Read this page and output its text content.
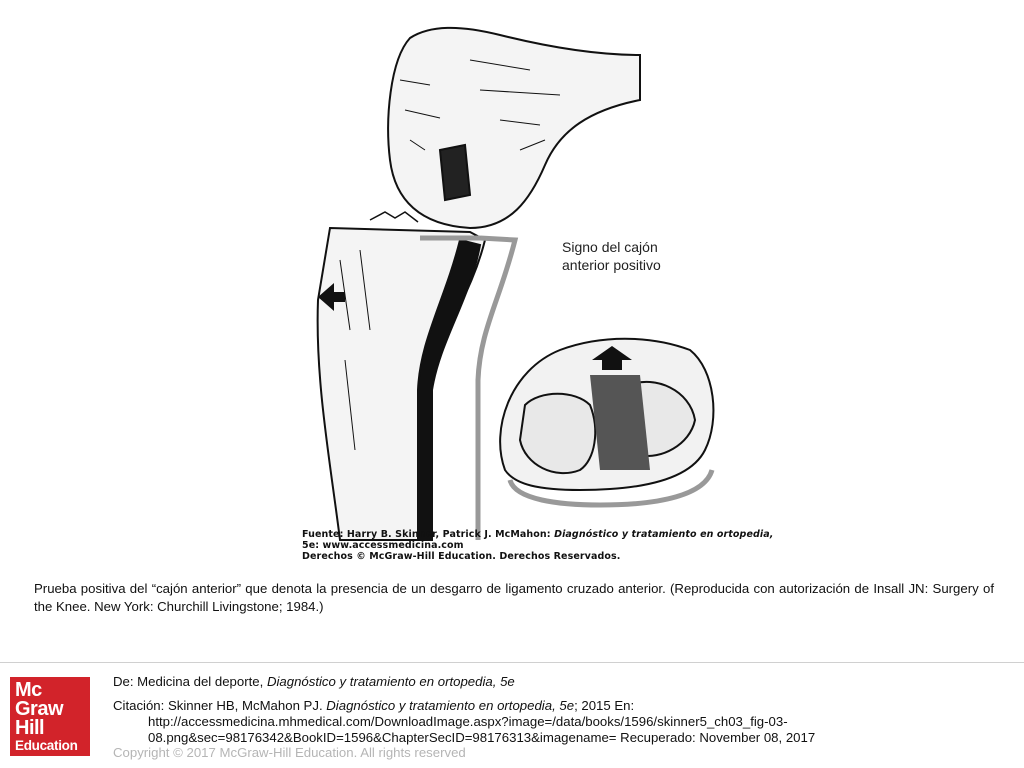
Signo del cajón
anterior positivo
Fuente: Harry B. Skinner, Patrick J. McMahon: Diagnóstico y tratamiento en ortopedia,
5e: www.accessmedicina.com
Derechos © McGraw-Hill Education. Derechos Reservados.
Prueba positiva del “cajón anterior” que denota la presencia de un desgarro de ligamento cruzado anterior. (Reproducida con autorización de Insall JN: Surgery of the Knee. New York: Churchill Livingstone; 1984.)
Mc
Graw
Hill
Education
De: Medicina del deporte, Diagnóstico y tratamiento en ortopedia, 5e
Citación: Skinner HB, McMahon PJ. Diagnóstico y tratamiento en ortopedia, 5e; 2015 En:
http://accessmedicina.mhmedical.com/DownloadImage.aspx?image=/data/books/1596/skinner5_ch03_fig-03-
08.png&sec=98176342&BookID=1596&ChapterSecID=98176313&imagename= Recuperado: November 08, 2017
Copyright © 2017 McGraw-Hill Education. All rights reserved
